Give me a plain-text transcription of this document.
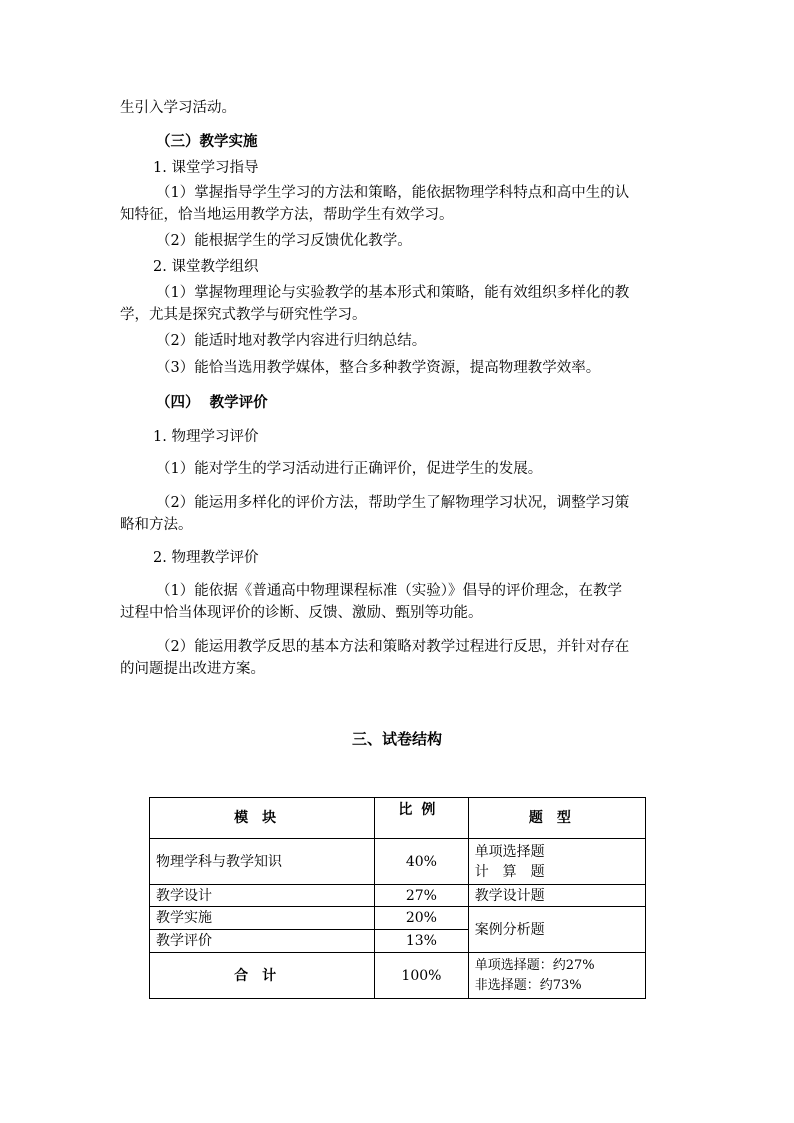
生引入学习活动。
（三）教学实施
1. 课堂学习指导
（1）掌握指导学生学习的方法和策略，能依据物理学科特点和高中生的认
知特征，恰当地运用教学方法，帮助学生有效学习。
（2）能根据学生的学习反馈优化教学。
2. 课堂教学组织
（1）掌握物理理论与实验教学的基本形式和策略，能有效组织多样化的教
学，尤其是探究式教学与研究性学习。
（2）能适时地对教学内容进行归纳总结。
（3）能恰当选用教学媒体，整合多种教学资源，提高物理教学效率。
（四）  教学评价
1. 物理学习评价
（1）能对学生的学习活动进行正确评价，促进学生的发展。
（2）能运用多样化的评价方法，帮助学生了解物理学习状况，调整学习策
略和方法。
2. 物理教学评价
（1）能依据《普通高中物理课程标准（实验）》倡导的评价理念，在教学
过程中恰当体现评价的诊断、反馈、激励、甄别等功能。
（2）能运用教学反思的基本方法和策略对教学过程进行反思，并针对存在
的问题提出改进方案。
三、试卷结构
模块	比例	题型
物理学科与教学知识	40%	单项选择题
计算题

教学设计	27%	教学设计题
教学实施	20%	案例分析题
教学评价	13%	
合计	100%	单项选择题：约27%
非选择题：约73%
